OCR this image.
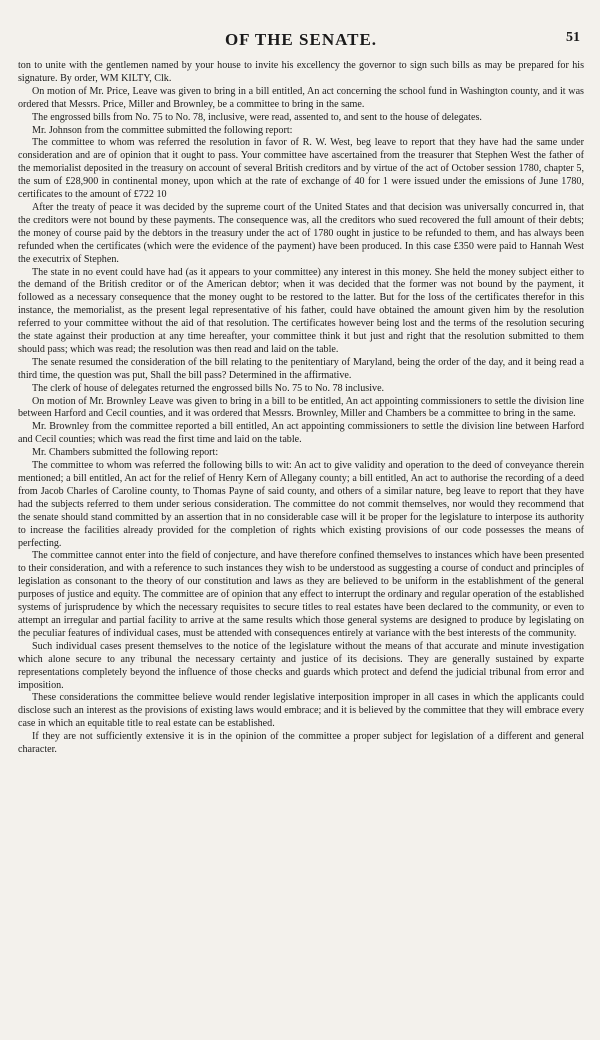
OF THE SENATE.	51

ton to unite with the gentlemen named by your house to invite his excellency the governor to sign such bills as may be prepared for his signature. By order, WM KILTY, Clk.

On motion of Mr. Price, Leave was given to bring in a bill entitled, An act concerning the school fund in Washington county, and it was ordered that Messrs. Price, Miller and Brownley, be a committee to bring in the same.

The engrossed bills from No. 75 to No. 78, inclusive, were read, assented to, and sent to the house of delegates.

Mr. Johnson from the committee submitted the following report:

The committee to whom was referred the resolution in favor of R. W. West, beg leave to report that they have had the same under consideration and are of opinion that it ought to pass. Your committee have ascertained from the treasurer that Stephen West the father of the memorialist deposited in the treasury on account of several British creditors and by virtue of the act of October session 1780, chapter 5, the sum of £28,900 in continental money, upon which at the rate of exchange of 40 for 1 were issued under the emissions of June 1780, certificates to the amount of £722 10

After the treaty of peace it was decided by the supreme court of the United States and that decision was universally concurred in, that the creditors were not bound by these payments. The consequence was, all the creditors who sued recovered the full amount of their debts; the money of course paid by the debtors in the treasury under the act of 1780 ought in justice to be refunded to them, and has always been refunded when the certificates (which were the evidence of the payment) have been produced. In this case £350 were paid to Hannah West the executrix of Stephen.

The state in no event could have had (as it appears to your committee) any interest in this money. She held the money subject either to the demand of the British creditor or of the American debtor; when it was decided that the former was not bound by the payment, it followed as a necessary consequence that the money ought to be restored to the latter. But for the loss of the certificates therefor in this instance, the memorialist, as the present legal representative of his father, could have obtained the amount given him by the resolution referred to your committee without the aid of that resolution. The certificates however being lost and the terms of the resolution securing the state against their production at any time hereafter, your committee think it but just and right that the resolution submitted to them should pass; which was read; the resolution was then read and laid on the table.

The senate resumed the consideration of the bill relating to the penitentiary of Maryland, being the order of the day, and it being read a third time, the question was put, Shall the bill pass? Determined in the affirmative.

The clerk of house of delegates returned the engrossed bills No. 75 to No. 78 inclusive.

On motion of Mr. Brownley Leave was given to bring in a bill to be entitled, An act appointing commissioners to settle the division line between Harford and Cecil counties, and it was ordered that Messrs. Brownley, Miller and Chambers be a committee to bring in the same.

Mr. Brownley from the committee reported a bill entitled, An act appointing commissioners to settle the division line between Harford and Cecil counties; which was read the first time and laid on the table.

Mr. Chambers submitted the following report:

The committee to whom was referred the following bills to wit: An act to give validity and operation to the deed of conveyance therein mentioned; a bill entitled, An act for the relief of Henry Kern of Allegany county; a bill entitled, An act to authorise the recording of a deed from Jacob Charles of Caroline county, to Thomas Payne of said county, and others of a similar nature, beg leave to report that they have had the subjects referred to them under serious consideration. The committee do not commit themselves, nor would they recommend that the senate should stand committed by an assertion that in no considerable case will it be proper for the legislature to interpose its authority to increase the facilities already provided for the completion of rights which existing provisions of our code possesses the means of perfecting.

The committee cannot enter into the field of conjecture, and have therefore confined themselves to instances which have been presented to their consideration, and with a reference to such instances they wish to be understood as suggesting a course of conduct and principles of legislation as consonant to the theory of our constitution and laws as they are believed to be uniform in the establishment of the general purposes of justice and equity. The committee are of opinion that any effect to interrupt the ordinary and regular operation of the established systems of jurisprudence by which the necessary requisites to secure titles to real estates have been declared to the community, or even to attempt an irregular and partial facility to arrive at the same results which those general systems are designed to produce by legislating on the peculiar features of individual cases, must be attended with consequences entirely at variance with the best interests of the community.

Such individual cases present themselves to the notice of the legislature without the means of that accurate and minute investigation which alone secure to any tribunal the necessary certainty and justice of its decisions. They are generally sustained by exparte representations completely beyond the influence of those checks and guards which protect and defend the judicial tribunal from error and imposition.

These considerations the committee believe would render legislative interposition improper in all cases in which the applicants could disclose such an interest as the provisions of existing laws would embrace; and it is believed by the committee that they will embrace every case in which an equitable title to real estate can be established.

If they are not sufficiently extensive it is in the opinion of the committee a proper subject for legislation of a different and general character.
